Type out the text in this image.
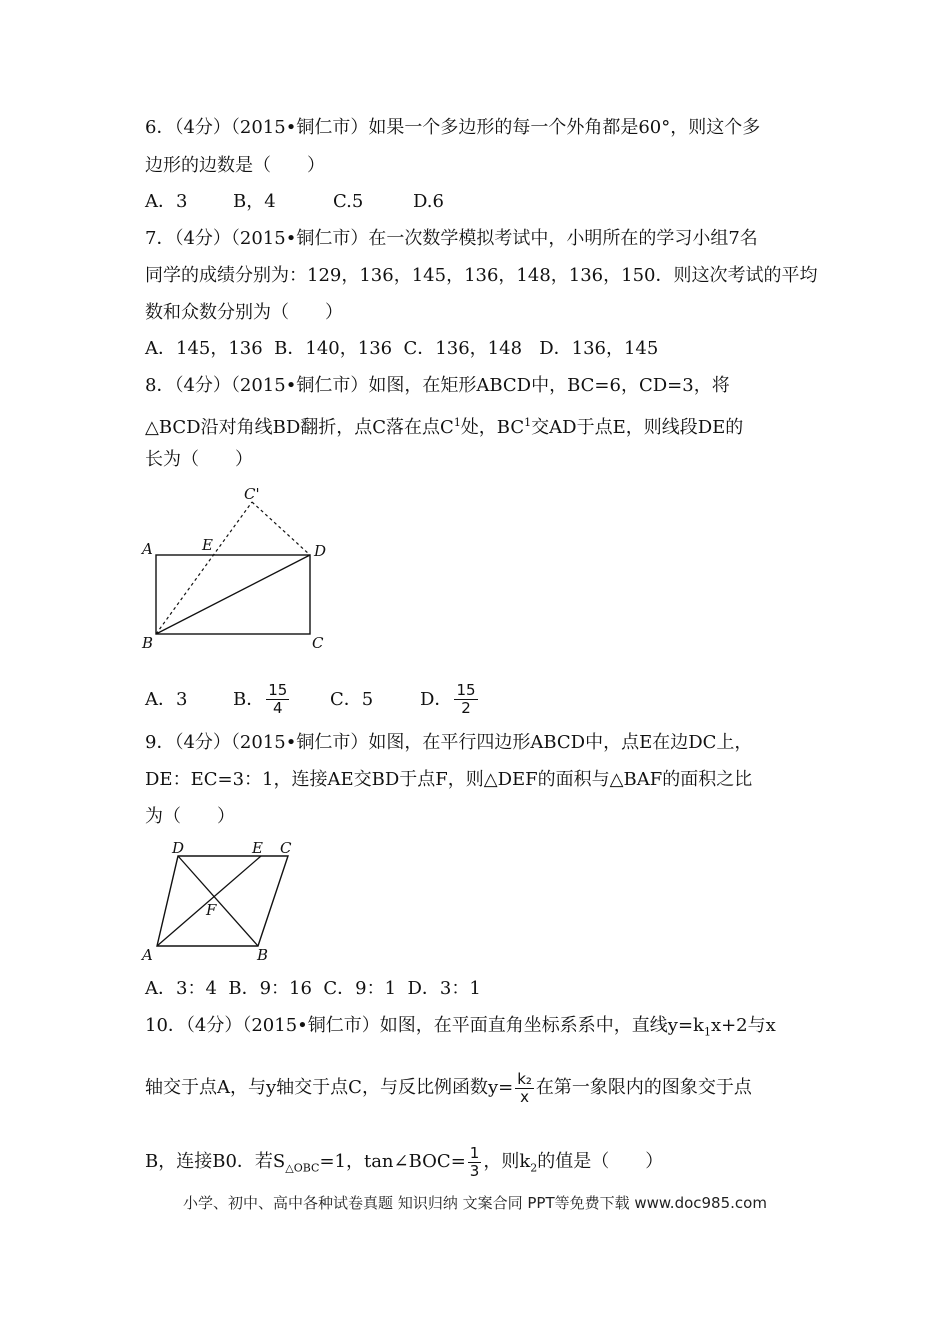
6．（4分）（2015•铜仁市）如果一个多边形的每一个外角都是60°，则这个多
边形的边数是（　　）
A．3	B，4	C.5	D.6
7．（4分）（2015•铜仁市）在一次数学模拟考试中，小明所在的学习小组7名
同学的成绩分别为：129，136，145，136，148，136，150．则这次考试的平均
数和众数分别为（　　）
A．145，136  B．140，136  C．136，148   D．136，145
8．（4分）（2015•铜仁市）如图，在矩形ABCD中，BC=6，CD=3，将
△BCD沿对角线BD翻折，点C落在点$C^1$处，$BC^1$交AD于点E，则线段DE的
长为（　　）
A	E	D
C'
B	C
A．3	B． $\frac{15}{4}$ C．5	D． $\frac{15}{2}$
9．（4分）（2015•铜仁市）如图，在平行四边形ABCD中，点E在边DC上，
DE：EC=3：1，连接AE交BD于点F，则△DEF的面积与△BAF的面积之比
为（　　）
D	E C
F
A	B
A．3：4  B．9：16  C．9：1  D．3：1
10．（4分）（2015•铜仁市）如图，在平面直角坐标系系中，直线$y=k_1x+2$与x
轴交于点A，与y轴交于点C，与反比例函数$y= \frac{\text{k₂}}{x}$ 在第一象限内的图象交于点
B，连接B0．若$S_{\triangle OBC}=1$，tan∠BOC= $\frac{1}{3}$ ，则$k_2$的值是（　　）
小学、初中、高中各种试卷真题 知识归纳 文案合同 PPT等免费下载 www.doc985.com
